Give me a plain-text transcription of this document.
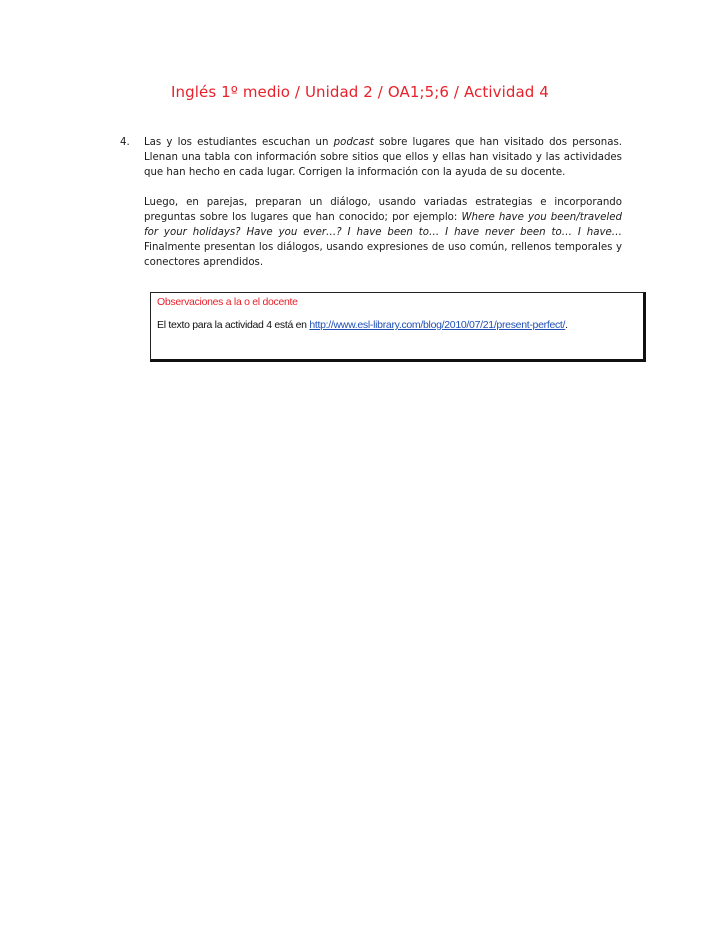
Inglés 1º medio / Unidad 2 / OA1;5;6 / Actividad 4
4. Las y los estudiantes escuchan un podcast sobre lugares que han visitado dos personas. Llenan una tabla con información sobre sitios que ellos y ellas han visitado y las actividades que han hecho en cada lugar. Corrigen la información con la ayuda de su docente.

Luego, en parejas, preparan un diálogo, usando variadas estrategias e incorporando preguntas sobre los lugares que han conocido; por ejemplo: Where have you been/traveled for your holidays? Have you ever…? I have been to… I have never been to… I have… Finalmente presentan los diálogos, usando expresiones de uso común, rellenos temporales y conectores aprendidos.

Observaciones a la o el docente
El texto para la actividad 4 está en http://www.esl-library.com/blog/2010/07/21/present-perfect/.
